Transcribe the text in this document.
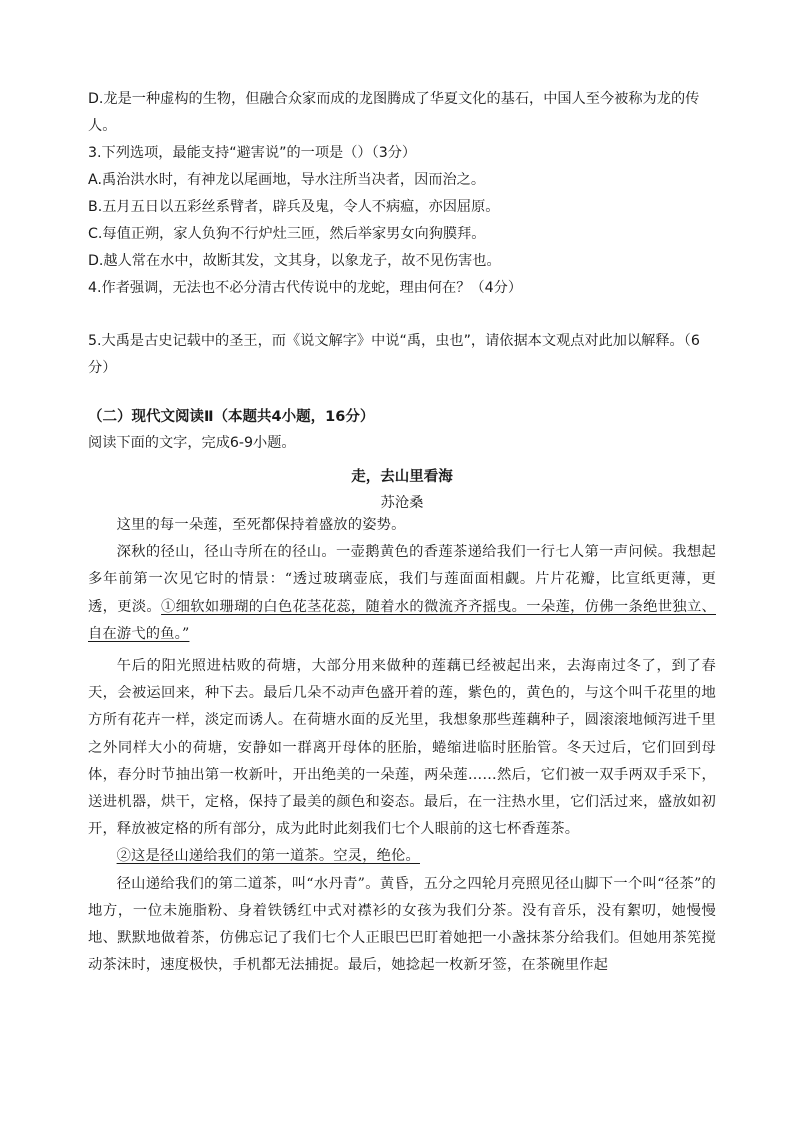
D.龙是一种虚构的生物，但融合众家而成的龙图腾成了华夏文化的基石，中国人至今被称为龙的传人。

3.下列选项，最能支持“避害说”的一项是（）（3分）

A.禹治洪水时，有神龙以尾画地，导水注所当决者，因而治之。

B.五月五日以五彩丝系臂者，辟兵及鬼，令人不病瘟，亦因屈原。

C.每值正朔，家人负狗不行炉灶三匝，然后举家男女向狗膜拜。

D.越人常在水中，故断其发，文其身，以象龙子，故不见伤害也。

4.作者强调，无法也不必分清古代传说中的龙蛇，理由何在？（4分）

5.大禹是古史记载中的圣王，而《说文解字》中说“禹，虫也”，请依据本文观点对此加以解释。（6分）

（二）现代文阅读Ⅱ（本题共4小题，16分）
阅读下面的文字，完成6-9小题。
走，去山里看海
苏沧桑

这里的每一朵莲，至死都保持着盛放的姿势。

深秋的径山，径山寺所在的径山。一壶鹅黄色的香莲茶递给我们一行七人第一声问候。我想起多年前第一次见它时的情景：“透过玻璃壶底，我们与莲面面相觑。片片花瓣，比宣纸更薄，更透，更淡。①细软如珊瑚的白色花茎花蕊，随着水的微流齐齐摇曳。一朵莲，仿佛一条绝世独立、自在游弋的鱼。”

午后的阳光照进枯败的荷塘，大部分用来做种的莲藕已经被起出来，去海南过冬了，到了春天，会被运回来，种下去。最后几朵不动声色盛开着的莲，紫色的，黄色的，与这个叫千花里的地方所有花卉一样，淡定而诱人。在荷塘水面的反光里，我想象那些莲藕种子，圆滚滚地倾泻进千里之外同样大小的荷塘，安静如一群离开母体的胚胎，蜷缩进临时胚胎管。冬天过后，它们回到母体，春分时节抽出第一枚新叶，开出绝美的一朵莲，两朵莲……然后，它们被一双手两双手采下，送进机器，烘干，定格，保持了最美的颜色和姿态。最后，在一注热水里，它们活过来，盛放如初开，释放被定格的所有部分，成为此时此刻我们七个人眼前的这七杯香莲茶。

②这是径山递给我们的第一道茶。空灵，绝伦。

径山递给我们的第二道茶，叫“水丹青”。黄昏，五分之四轮月亮照见径山脚下一个叫“径茶”的地方，一位未施脂粉、身着铁锈红中式对襟衫的女孩为我们分茶。没有音乐，没有絮叨，她慢慢地、默默地做着茶，仿佛忘记了我们七个人正眼巴巴盯着她把一小盏抹茶分给我们。但她用茶筅搅动茶沫时，速度极快，手机都无法捕捉。最后，她捻起一枚新牙签，在茶碗里作起
